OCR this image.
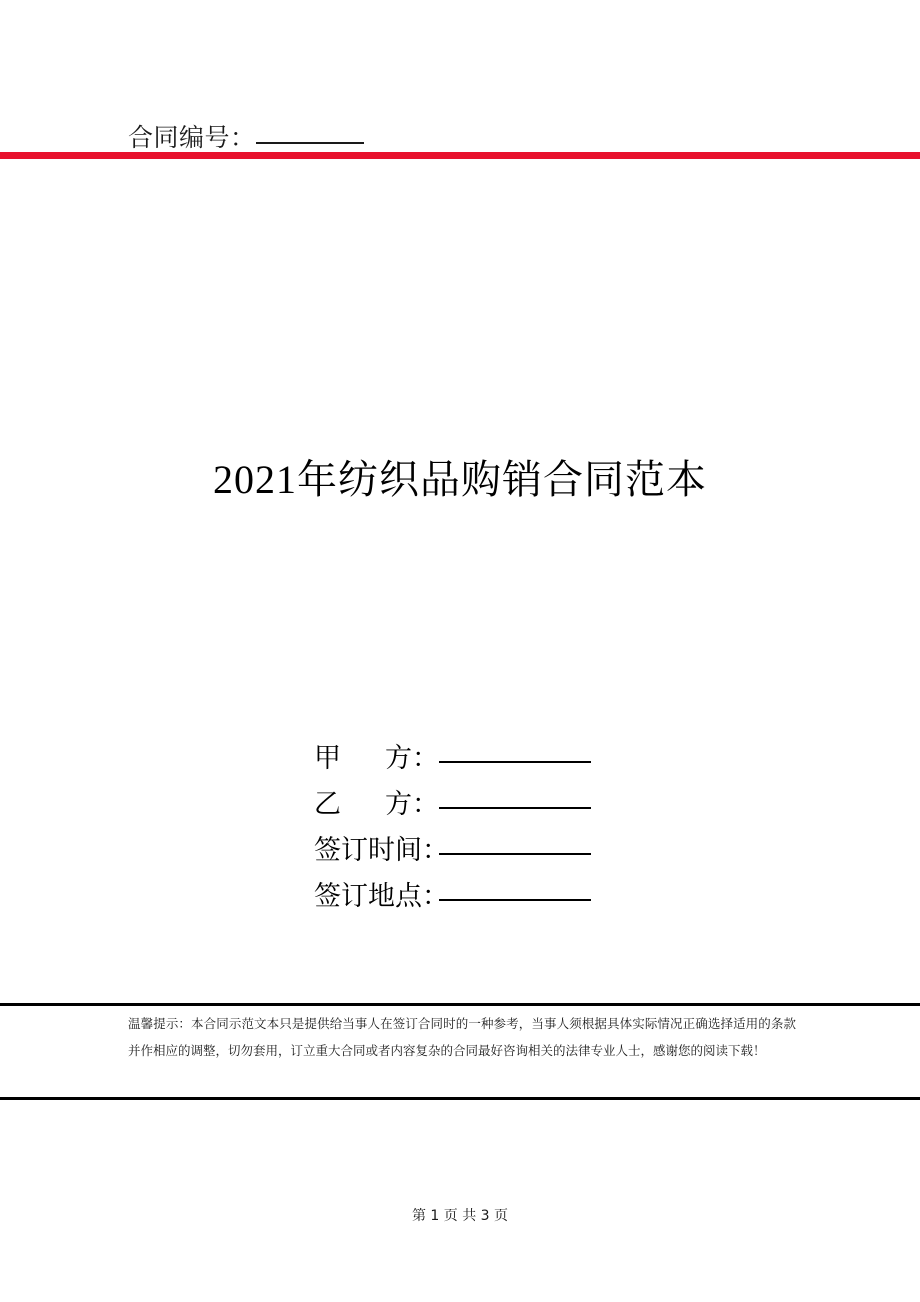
合同编号：
2021年纺织品购销合同范本
甲 方：
乙 方：
签订时间：
签订地点：
温馨提示：本合同示范文本只是提供给当事人在签订合同时的一种参考，当事人须根据具体实际情况正确选择适用的条款并作相应的调整，切勿套用，订立重大合同或者内容复杂的合同最好咨询相关的法律专业人士，感谢您的阅读下载！
第 1 页 共 3 页
